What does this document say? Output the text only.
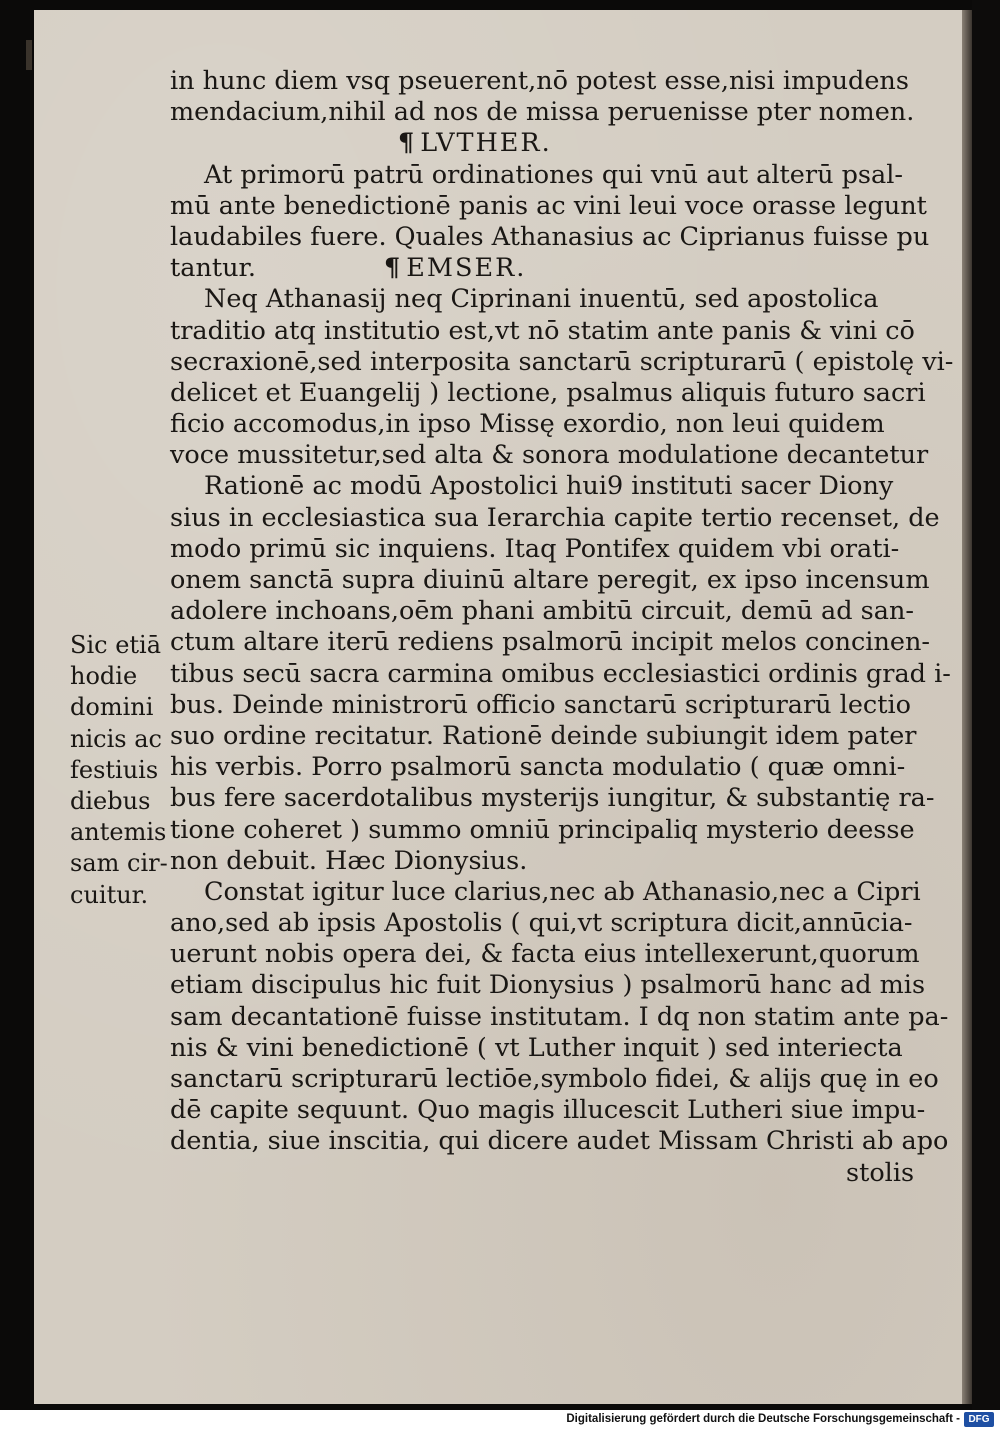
in hunc diem vsq pseuerent,nō potest esse,nisi impudens
mendacium,nihil ad nos de missa peruenisse pter nomen.
¶ LVTHER.
At primorū patrū ordinationes qui vnū aut alterū psal-
mū ante benedictionē panis ac vini leui voce orasse legunt
laudabiles fuere. Quales Athanasius ac Ciprianus fuisse pu
tantur.	¶ EMSER.
Neq Athanasij neq Ciprinani inuentū, sed apostolica
traditio atq institutio est,vt nō statim ante panis & vini cō
secraxionē,sed interposita sanctarū scripturarū ( epistolę vi-
delicet et Euangelij ) lectione, psalmus aliquis futuro sacri
ficio accomodus,in ipso Missę exordio, non leui quidem
voce mussitetur,sed alta & sonora modulatione decantetur
Rationē ac modū Apostolici hui9 instituti sacer Diony
sius in ecclesiastica sua Ierarchia capite tertio recenset, de
modo primū sic inquiens. Itaq Pontifex quidem vbi orati-
onem sanctā supra diuinū altare peregit, ex ipso incensum
adolere inchoans,oēm phani ambitū circuit, demū ad san-
ctum altare iterū rediens psalmorū incipit melos concinen-
tibus secū sacra carmina omibus ecclesiastici ordinis grad i-
bus. Deinde ministrorū officio sanctarū scripturarū lectio
suo ordine recitatur. Rationē deinde subiungit idem pater
his verbis. Porro psalmorū sancta modulatio ( quæ omni-
bus fere sacerdotalibus mysterijs iungitur, & substantię ra-
tione coheret ) summo omniū principaliq mysterio deesse
non debuit. Hæc Dionysius.
Constat igitur luce clarius,nec ab Athanasio,nec a Cipri
ano,sed ab ipsis Apostolis ( qui,vt scriptura dicit,annūcia-
uerunt nobis opera dei, & facta eius intellexerunt,quorum
etiam discipulus hic fuit Dionysius ) psalmorū hanc ad mis
sam decantationē fuisse institutam. I dq non statim ante pa-
nis & vini benedictionē ( vt Luther inquit ) sed interiecta
sanctarū scripturarū lectiōe,symbolo fidei, & alijs quę in eo
dē capite sequunt. Quo magis illucescit Lutheri siue impu-
dentia, siue inscitia, qui dicere audet Missam Christi ab apo
stolis
Sic etiā
hodie
domini
nicis ac
festiuis
diebus
antemis
sam cir-
cuitur.
Digitalisierung gefördert durch die Deutsche Forschungsgemeinschaft - DFG
